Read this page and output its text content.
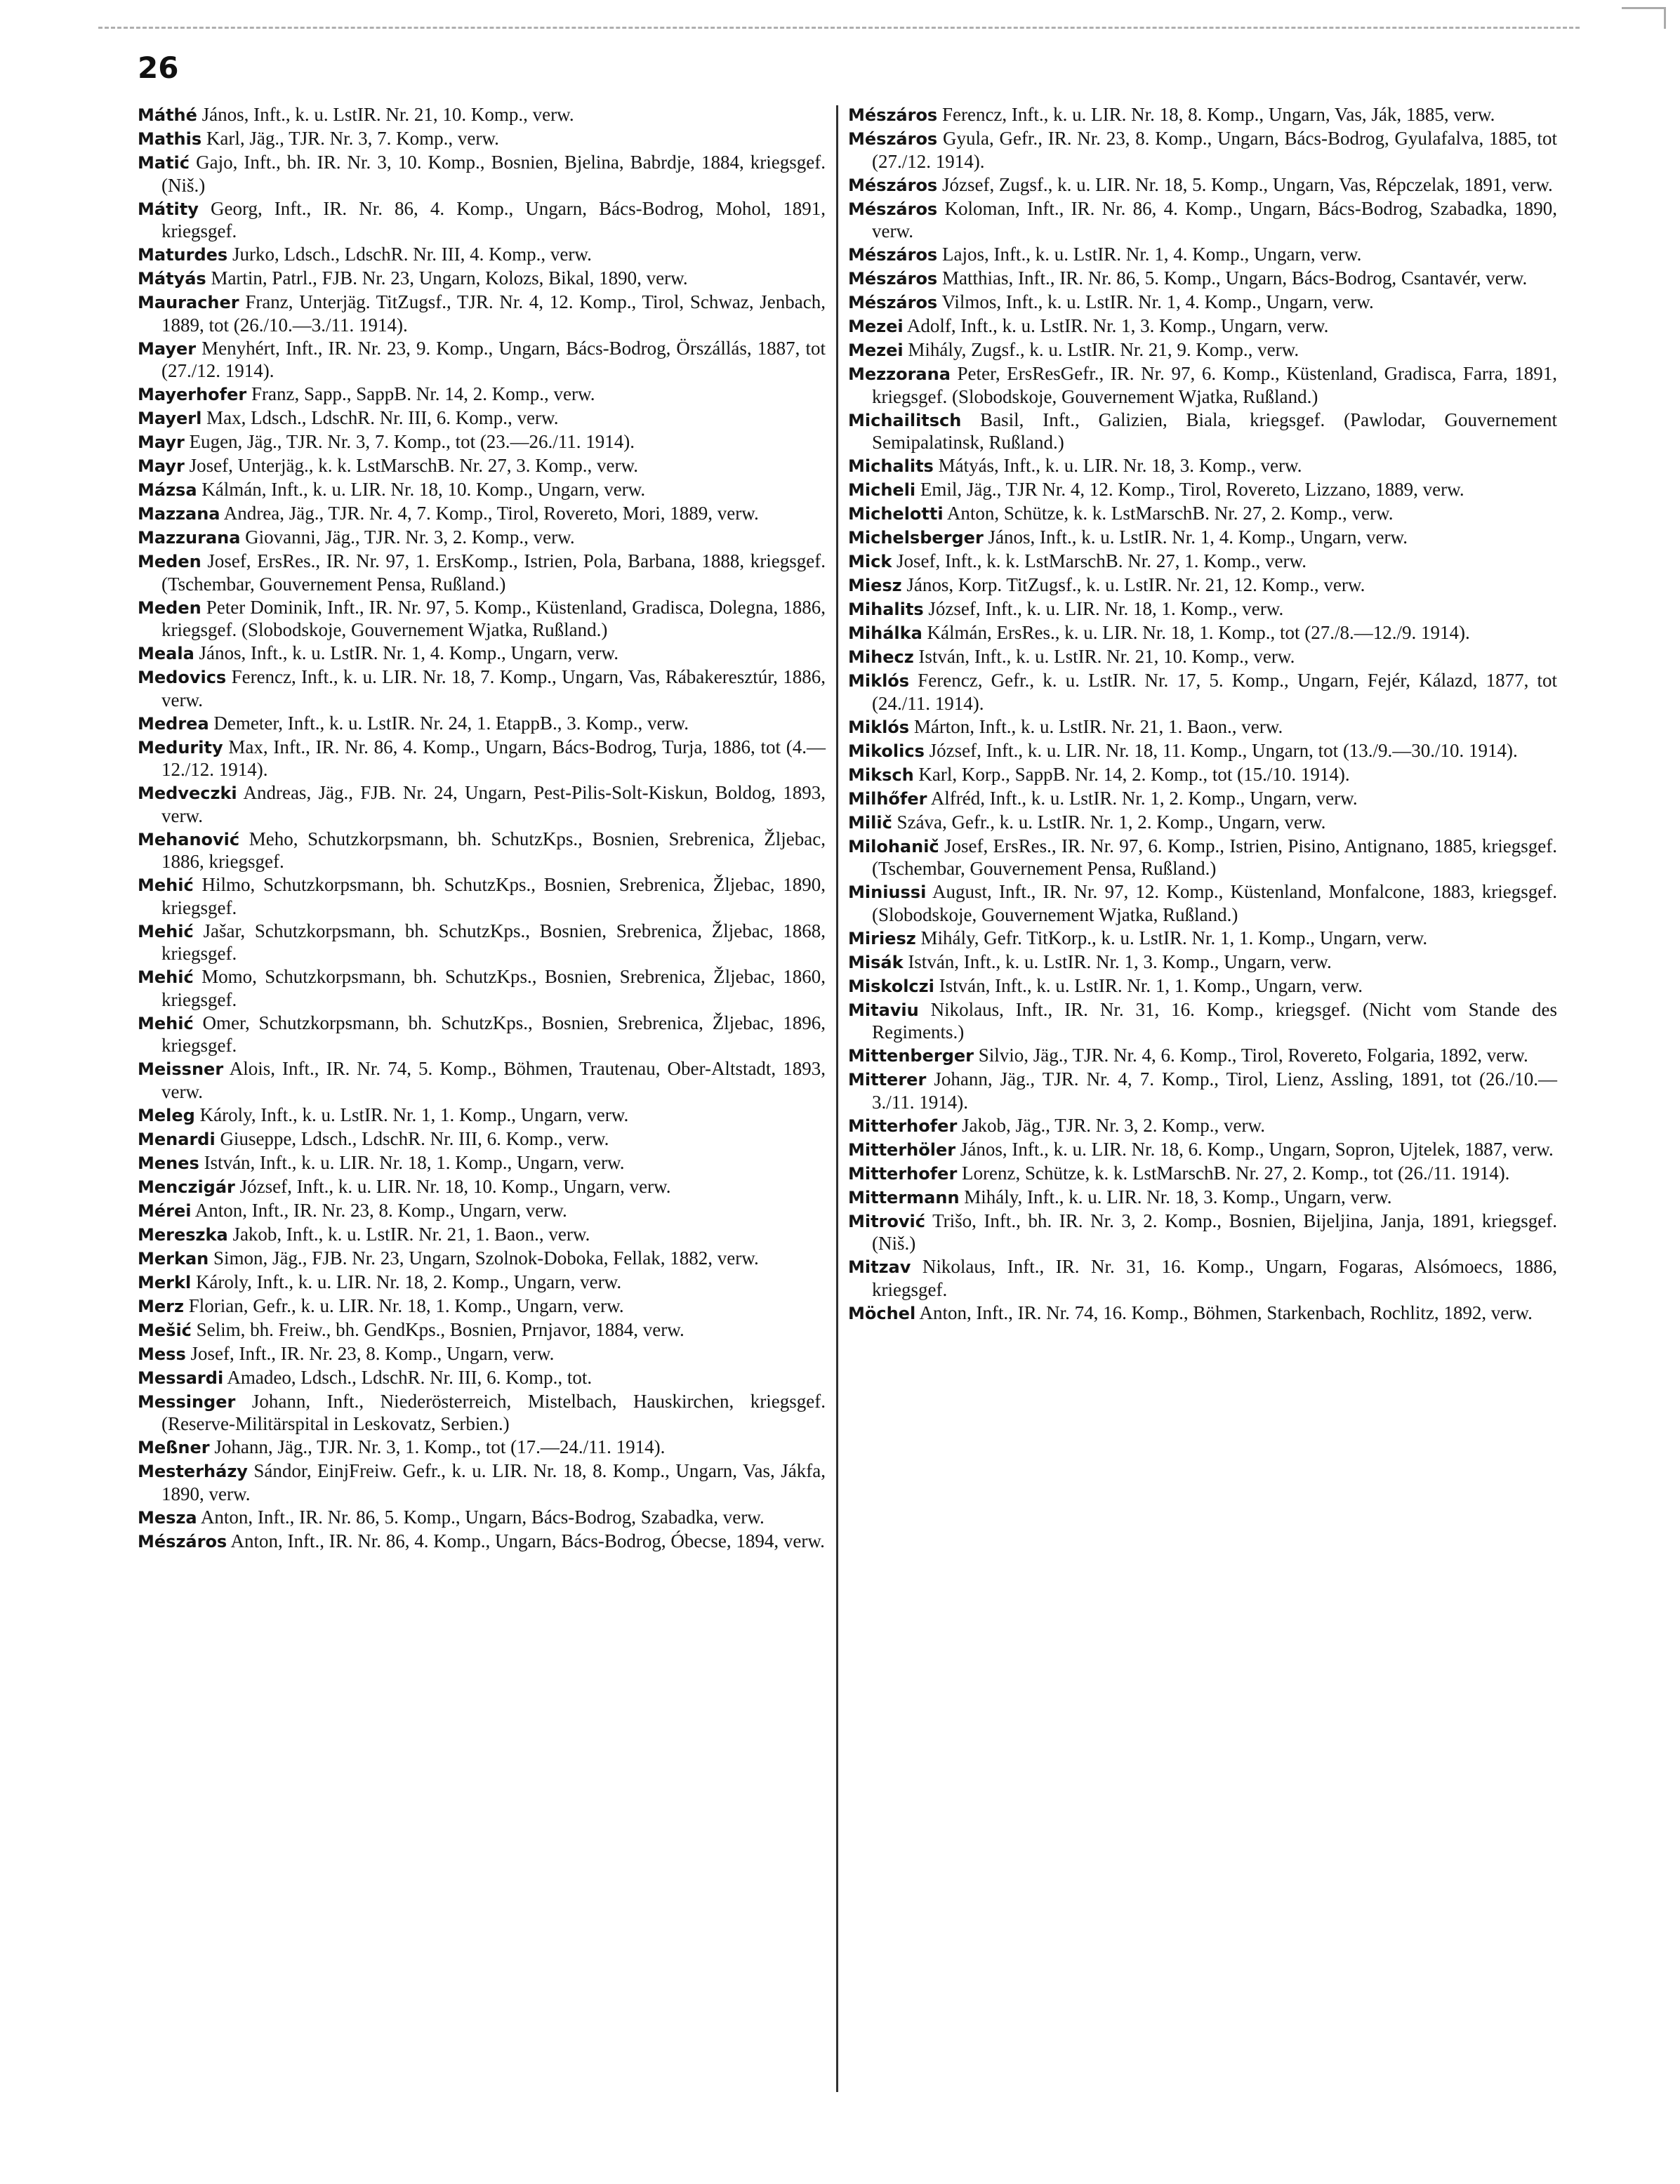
26

Máthé János, Inft., k. u. LstIR. Nr. 21, 10. Komp., verw.

Mathis Karl, Jäg., TJR. Nr. 3, 7. Komp., verw.

Matić Gajo, Inft., bh. IR. Nr. 3, 10. Komp., Bosnien, Bjelina, Babrdje, 1884, kriegsgef. (Niš.)

Mátity Georg, Inft., IR. Nr. 86, 4. Komp., Ungarn, Bács-Bodrog, Mohol, 1891, kriegsgef.

Maturdes Jurko, Ldsch., LdschR. Nr. III, 4. Komp., verw.

Mátyás Martin, Patrl., FJB. Nr. 23, Ungarn, Kolozs, Bikal, 1890, verw.

Mauracher Franz, Unterjäg. TitZugsf., TJR. Nr. 4, 12. Komp., Tirol, Schwaz, Jenbach, 1889, tot (26./10.—3./11. 1914).

Mayer Menyhért, Inft., IR. Nr. 23, 9. Komp., Ungarn, Bács-Bodrog, Örszállás, 1887, tot (27./12. 1914).

Mayerhofer Franz, Sapp., SappB. Nr. 14, 2. Komp., verw.

Mayerl Max, Ldsch., LdschR. Nr. III, 6. Komp., verw.

Mayr Eugen, Jäg., TJR. Nr. 3, 7. Komp., tot (23.—26./11. 1914).

Mayr Josef, Unterjäg., k. k. LstMarschB. Nr. 27, 3. Komp., verw.

Mázsa Kálmán, Inft., k. u. LIR. Nr. 18, 10. Komp., Ungarn, verw.

Mazzana Andrea, Jäg., TJR. Nr. 4, 7. Komp., Tirol, Rovereto, Mori, 1889, verw.

Mazzurana Giovanni, Jäg., TJR. Nr. 3, 2. Komp., verw.

Meden Josef, ErsRes., IR. Nr. 97, 1. ErsKomp., Istrien, Pola, Barbana, 1888, kriegsgef. (Tschembar, Gouvernement Pensa, Rußland.)

Meden Peter Dominik, Inft., IR. Nr. 97, 5. Komp., Küstenland, Gradisca, Dolegna, 1886, kriegsgef. (Slobodskoje, Gouvernement Wjatka, Rußland.)

Meala János, Inft., k. u. LstIR. Nr. 1, 4. Komp., Ungarn, verw.

Medovics Ferencz, Inft., k. u. LIR. Nr. 18, 7. Komp., Ungarn, Vas, Rábakeresztúr, 1886, verw.

Medrea Demeter, Inft., k. u. LstIR. Nr. 24, 1. EtappB., 3. Komp., verw.

Medurity Max, Inft., IR. Nr. 86, 4. Komp., Ungarn, Bács-Bodrog, Turja, 1886, tot (4.—12./12. 1914).

Medveczki Andreas, Jäg., FJB. Nr. 24, Ungarn, Pest-Pilis-Solt-Kiskun, Boldog, 1893, verw.

Mehanović Meho, Schutzkorpsmann, bh. SchutzKps., Bosnien, Srebrenica, Žljebac, 1886, kriegsgef.

Mehić Hilmo, Schutzkorpsmann, bh. SchutzKps., Bosnien, Srebrenica, Žljebac, 1890, kriegsgef.

Mehić Jašar, Schutzkorpsmann, bh. SchutzKps., Bosnien, Srebrenica, Žljebac, 1868, kriegsgef.

Mehić Momo, Schutzkorpsmann, bh. SchutzKps., Bosnien, Srebrenica, Žljebac, 1860, kriegsgef.

Mehić Omer, Schutzkorpsmann, bh. SchutzKps., Bosnien, Srebrenica, Žljebac, 1896, kriegsgef.

Meissner Alois, Inft., IR. Nr. 74, 5. Komp., Böhmen, Trautenau, Ober-Altstadt, 1893, verw.

Meleg Károly, Inft., k. u. LstIR. Nr. 1, 1. Komp., Ungarn, verw.

Menardi Giuseppe, Ldsch., LdschR. Nr. III, 6. Komp., verw.

Menes István, Inft., k. u. LIR. Nr. 18, 1. Komp., Ungarn, verw.

Menczigár József, Inft., k. u. LIR. Nr. 18, 10. Komp., Ungarn, verw.

Mérei Anton, Inft., IR. Nr. 23, 8. Komp., Ungarn, verw.

Mereszka Jakob, Inft., k. u. LstIR. Nr. 21, 1. Baon., verw.

Merkan Simon, Jäg., FJB. Nr. 23, Ungarn, Szolnok-Doboka, Fellak, 1882, verw.

Merkl Károly, Inft., k. u. LIR. Nr. 18, 2. Komp., Ungarn, verw.

Merz Florian, Gefr., k. u. LIR. Nr. 18, 1. Komp., Ungarn, verw.

Mešić Selim, bh. Freiw., bh. GendKps., Bosnien, Prnjavor, 1884, verw.

Mess Josef, Inft., IR. Nr. 23, 8. Komp., Ungarn, verw.

Messardi Amadeo, Ldsch., LdschR. Nr. III, 6. Komp., tot.

Messinger Johann, Inft., Niederösterreich, Mistelbach, Hauskirchen, kriegsgef. (Reserve-Militärspital in Leskovatz, Serbien.)

Meßner Johann, Jäg., TJR. Nr. 3, 1. Komp., tot (17.—24./11. 1914).

Mesterházy Sándor, EinjFreiw. Gefr., k. u. LIR. Nr. 18, 8. Komp., Ungarn, Vas, Jákfa, 1890, verw.

Mesza Anton, Inft., IR. Nr. 86, 5. Komp., Ungarn, Bács-Bodrog, Szabadka, verw.

Mészáros Anton, Inft., IR. Nr. 86, 4. Komp., Ungarn, Bács-Bodrog, Óbecse, 1894, verw.

Mészáros Ferencz, Inft., k. u. LIR. Nr. 18, 8. Komp., Ungarn, Vas, Ják, 1885, verw.

Mészáros Gyula, Gefr., IR. Nr. 23, 8. Komp., Ungarn, Bács-Bodrog, Gyulafalva, 1885, tot (27./12. 1914).

Mészáros József, Zugsf., k. u. LIR. Nr. 18, 5. Komp., Ungarn, Vas, Répczelak, 1891, verw.

Mészáros Koloman, Inft., IR. Nr. 86, 4. Komp., Ungarn, Bács-Bodrog, Szabadka, 1890, verw.

Mészáros Lajos, Inft., k. u. LstIR. Nr. 1, 4. Komp., Ungarn, verw.

Mészáros Matthias, Inft., IR. Nr. 86, 5. Komp., Ungarn, Bács-Bodrog, Csantavér, verw.

Mészáros Vilmos, Inft., k. u. LstIR. Nr. 1, 4. Komp., Ungarn, verw.

Mezei Adolf, Inft., k. u. LstIR. Nr. 1, 3. Komp., Ungarn, verw.

Mezei Mihály, Zugsf., k. u. LstIR. Nr. 21, 9. Komp., verw.

Mezzorana Peter, ErsResGefr., IR. Nr. 97, 6. Komp., Küstenland, Gradisca, Farra, 1891, kriegsgef. (Slobodskoje, Gouvernement Wjatka, Rußland.)

Michailitsch Basil, Inft., Galizien, Biala, kriegsgef. (Pawlodar, Gouvernement Semipalatinsk, Rußland.)

Michalits Mátyás, Inft., k. u. LIR. Nr. 18, 3. Komp., verw.

Micheli Emil, Jäg., TJR Nr. 4, 12. Komp., Tirol, Rovereto, Lizzano, 1889, verw.

Michelotti Anton, Schütze, k. k. LstMarschB. Nr. 27, 2. Komp., verw.

Michelsberger János, Inft., k. u. LstIR. Nr. 1, 4. Komp., Ungarn, verw.

Mick Josef, Inft., k. k. LstMarschB. Nr. 27, 1. Komp., verw.

Miesz János, Korp. TitZugsf., k. u. LstIR. Nr. 21, 12. Komp., verw.

Mihalits József, Inft., k. u. LIR. Nr. 18, 1. Komp., verw.

Mihálka Kálmán, ErsRes., k. u. LIR. Nr. 18, 1. Komp., tot (27./8.—12./9. 1914).

Mihecz István, Inft., k. u. LstIR. Nr. 21, 10. Komp., verw.

Miklós Ferencz, Gefr., k. u. LstIR. Nr. 17, 5. Komp., Ungarn, Fejér, Kálazd, 1877, tot (24./11. 1914).

Miklós Márton, Inft., k. u. LstIR. Nr. 21, 1. Baon., verw.

Mikolics József, Inft., k. u. LIR. Nr. 18, 11. Komp., Ungarn, tot (13./9.—30./10. 1914).

Miksch Karl, Korp., SappB. Nr. 14, 2. Komp., tot (15./10. 1914).

Milhőfer Alfréd, Inft., k. u. LstIR. Nr. 1, 2. Komp., Ungarn, verw.

Milič Száva, Gefr., k. u. LstIR. Nr. 1, 2. Komp., Ungarn, verw.

Milohanič Josef, ErsRes., IR. Nr. 97, 6. Komp., Istrien, Pisino, Antignano, 1885, kriegsgef. (Tschembar, Gouvernement Pensa, Rußland.)

Miniussi August, Inft., IR. Nr. 97, 12. Komp., Küstenland, Monfalcone, 1883, kriegsgef. (Slobodskoje, Gouvernement Wjatka, Rußland.)

Miriesz Mihály, Gefr. TitKorp., k. u. LstIR. Nr. 1, 1. Komp., Ungarn, verw.

Misák István, Inft., k. u. LstIR. Nr. 1, 3. Komp., Ungarn, verw.

Miskolczi István, Inft., k. u. LstIR. Nr. 1, 1. Komp., Ungarn, verw.

Mitaviu Nikolaus, Inft., IR. Nr. 31, 16. Komp., kriegsgef. (Nicht vom Stande des Regiments.)

Mittenberger Silvio, Jäg., TJR. Nr. 4, 6. Komp., Tirol, Rovereto, Folgaria, 1892, verw.

Mitterer Johann, Jäg., TJR. Nr. 4, 7. Komp., Tirol, Lienz, Assling, 1891, tot (26./10.—3./11. 1914).

Mitterhofer Jakob, Jäg., TJR. Nr. 3, 2. Komp., verw.

Mitterhöler János, Inft., k. u. LIR. Nr. 18, 6. Komp., Ungarn, Sopron, Ujtelek, 1887, verw.

Mitterhofer Lorenz, Schütze, k. k. LstMarschB. Nr. 27, 2. Komp., tot (26./11. 1914).

Mittermann Mihály, Inft., k. u. LIR. Nr. 18, 3. Komp., Ungarn, verw.

Mitrović Trišo, Inft., bh. IR. Nr. 3, 2. Komp., Bosnien, Bijeljina, Janja, 1891, kriegsgef. (Niš.)

Mitzav Nikolaus, Inft., IR. Nr. 31, 16. Komp., Ungarn, Fogaras, Alsómoecs, 1886, kriegsgef.

Möchel Anton, Inft., IR. Nr. 74, 16. Komp., Böhmen, Starkenbach, Rochlitz, 1892, verw.
